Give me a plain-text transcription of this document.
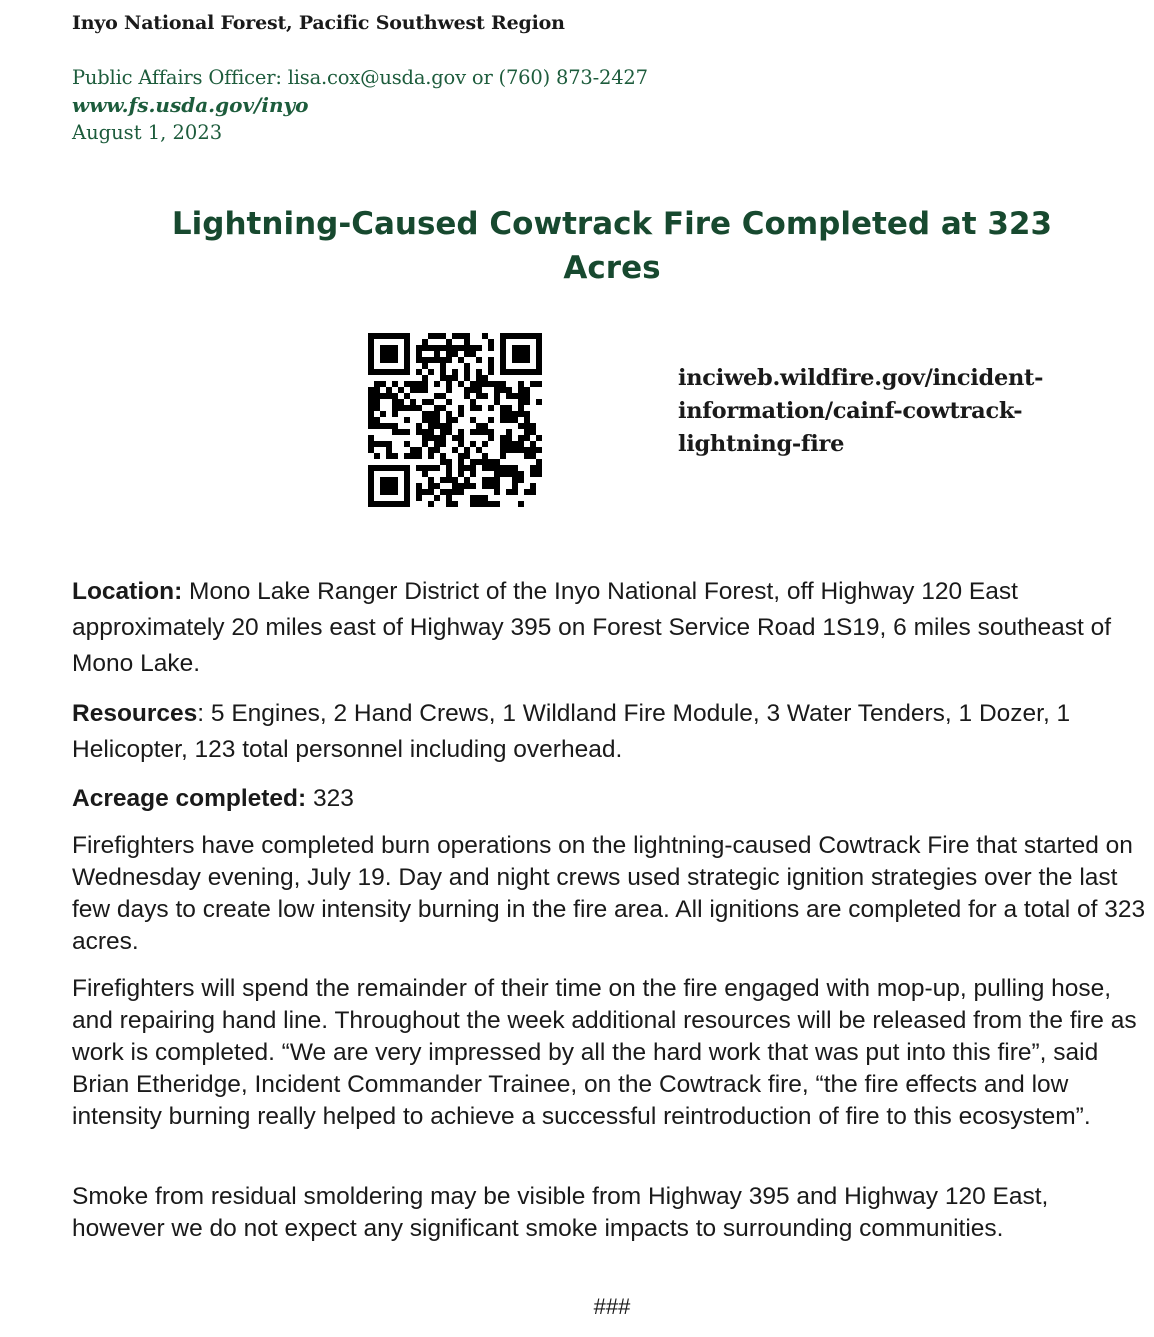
Inyo National Forest, Pacific Southwest Region
Public Affairs Officer: lisa.cox@usda.gov or (760) 873-2427
www.fs.usda.gov/inyo
August 1, 2023
Lightning-Caused Cowtrack Fire Completed at 323 Acres
inciweb.wildfire.gov/incident-
information/cainf-cowtrack-
lightning-fire
Location: Mono Lake Ranger District of the Inyo National Forest, off Highway 120 East approximately 20 miles east of Highway 395 on Forest Service Road 1S19, 6 miles southeast of Mono Lake.
Resources: 5 Engines, 2 Hand Crews, 1 Wildland Fire Module, 3 Water Tenders, 1 Dozer, 1 Helicopter, 123 total personnel including overhead.
Acreage completed: 323
Firefighters have completed burn operations on the lightning-caused Cowtrack Fire that started on Wednesday evening, July 19. Day and night crews used strategic ignition strategies over the last few days to create low intensity burning in the fire area. All ignitions are completed for a total of 323 acres.
Firefighters will spend the remainder of their time on the fire engaged with mop-up, pulling hose, and repairing hand line. Throughout the week additional resources will be released from the fire as work is completed. “We are very impressed by all the hard work that was put into this fire”, said Brian Etheridge, Incident Commander Trainee, on the Cowtrack fire, “the fire effects and low intensity burning really helped to achieve a successful reintroduction of fire to this ecosystem”.
Smoke from residual smoldering may be visible from Highway 395 and Highway 120 East, however we do not expect any significant smoke impacts to surrounding communities.
###
